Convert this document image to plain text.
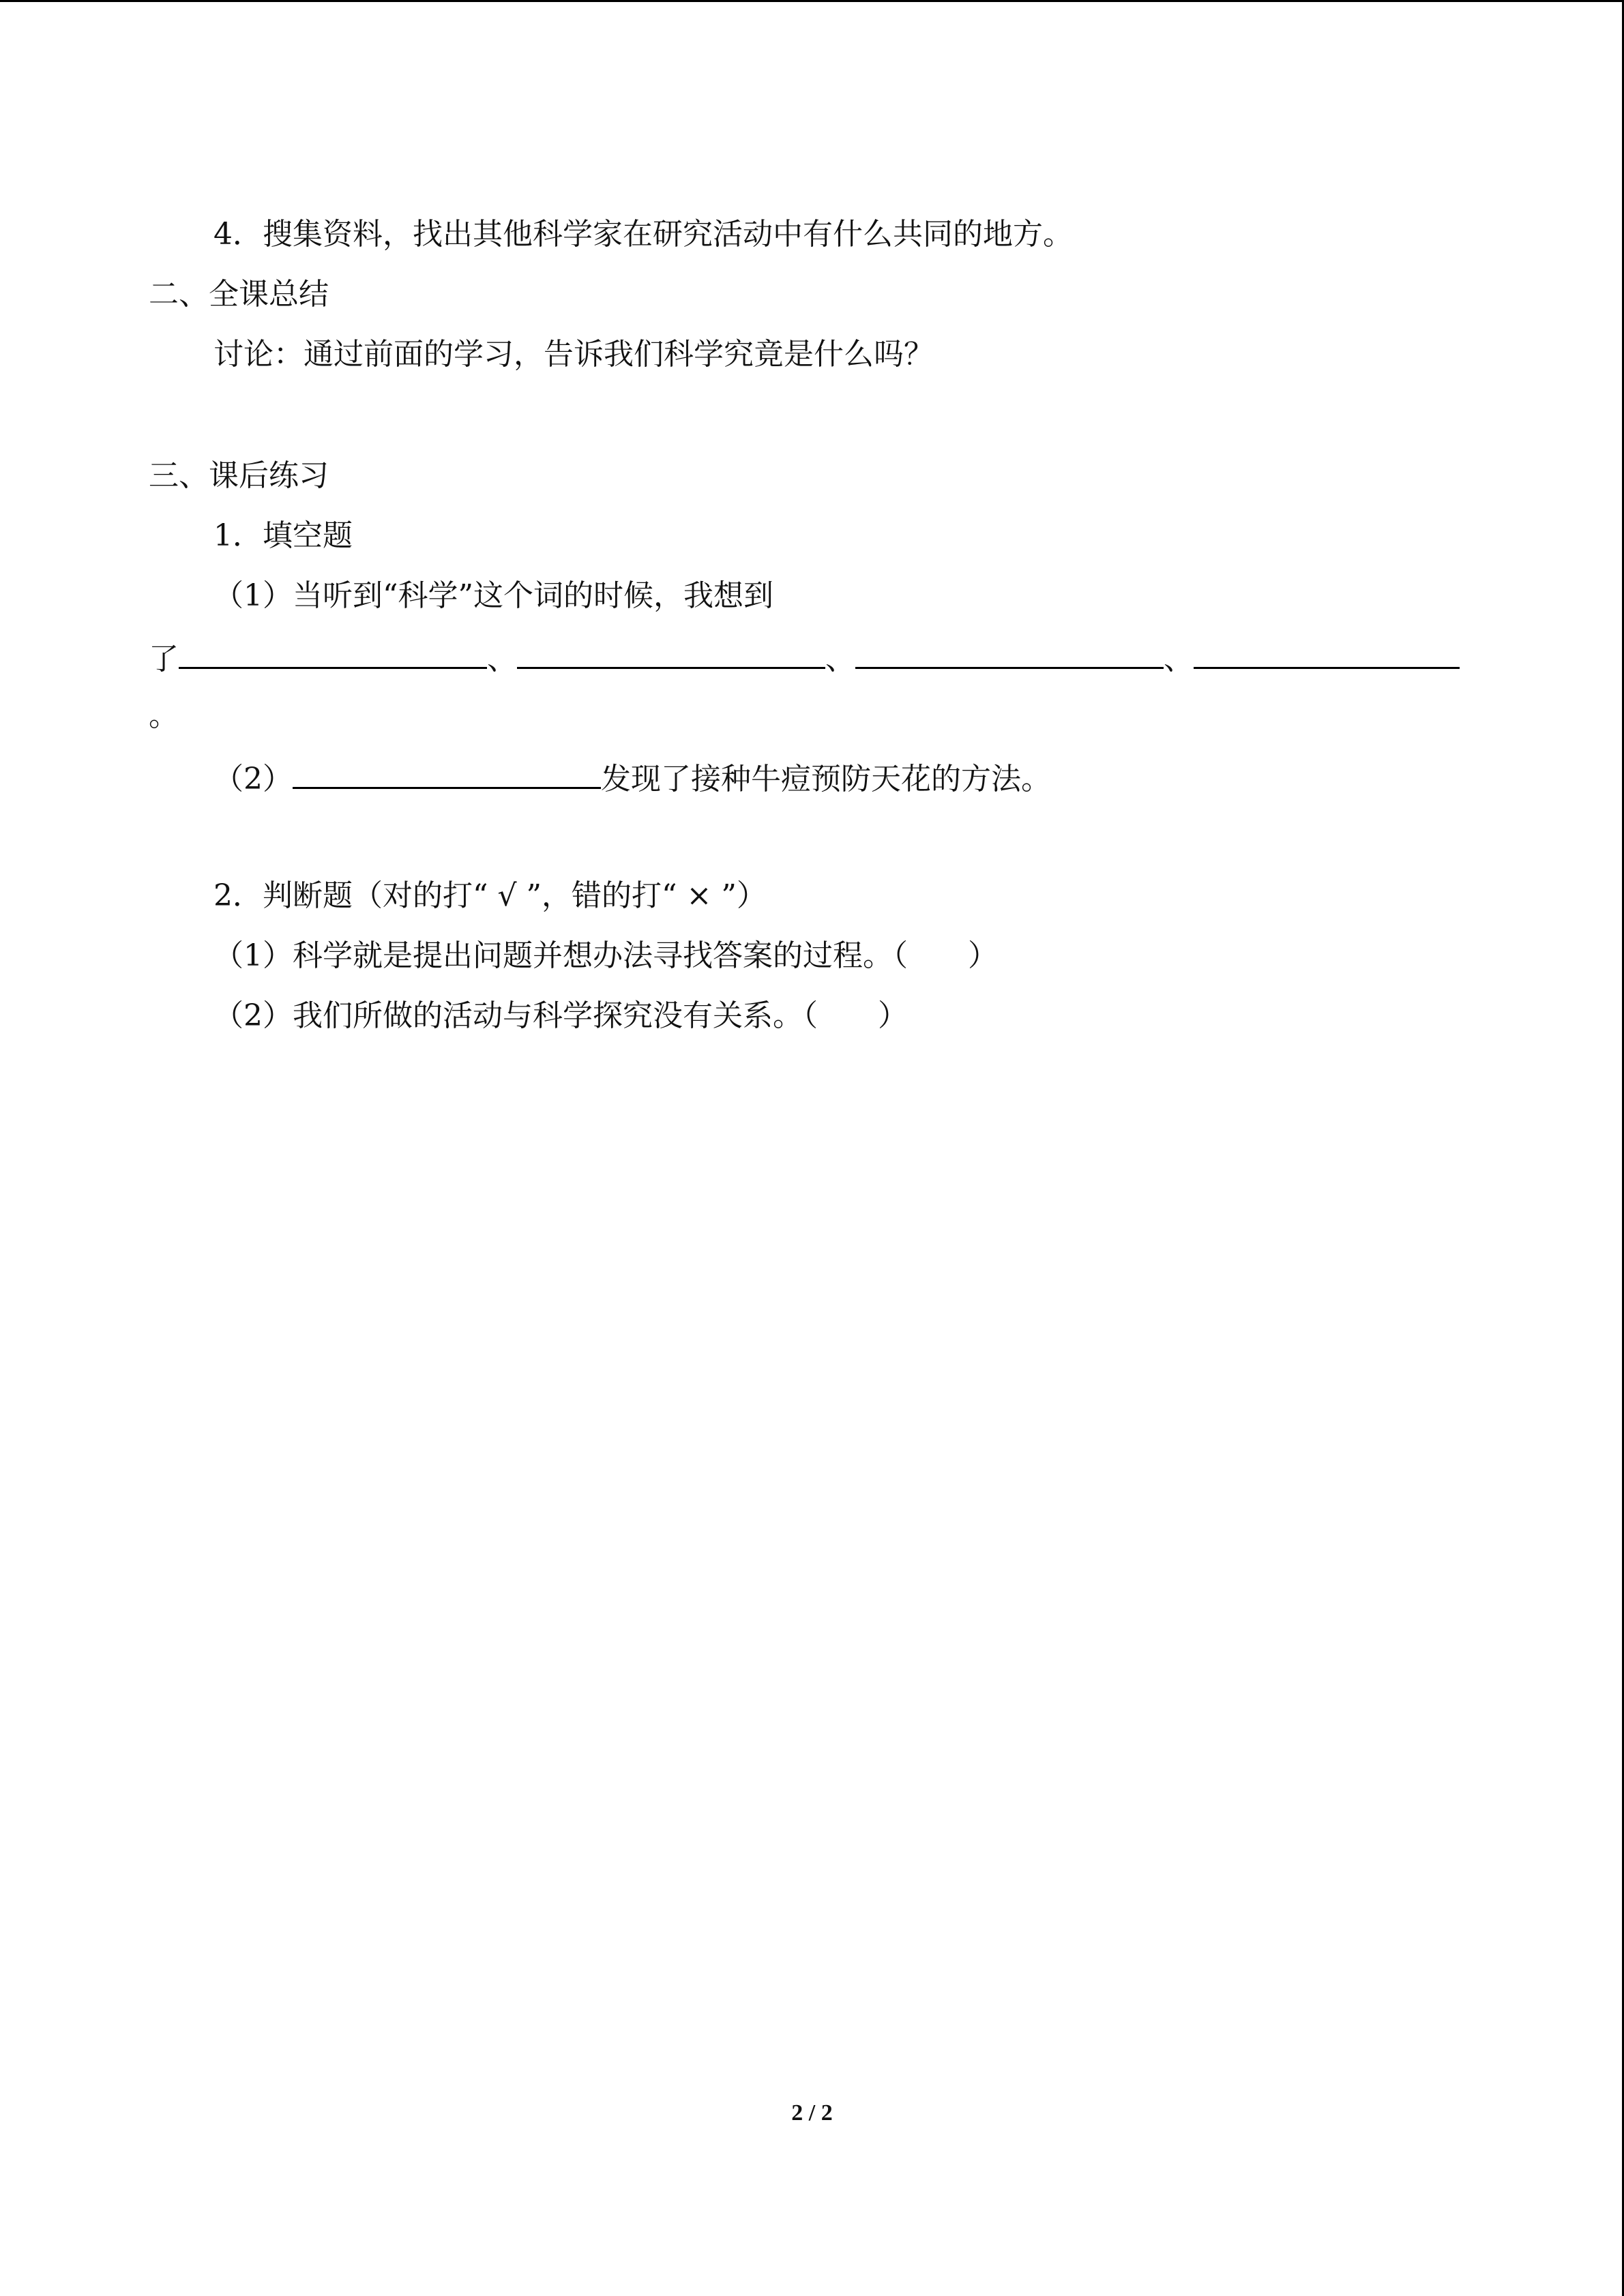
4．搜集资料，找出其他科学家在研究活动中有什么共同的地方。
二、全课总结
讨论：通过前面的学习，告诉我们科学究竟是什么吗？
三、课后练习
1．填空题
（1）当听到“科学”这个词的时候，我想到
了	、	、	、
。
（2）	发现了接种牛痘预防天花的方法。
2．判断题（对的打“ √ ”，错的打“ × ”）
（1）科学就是提出问题并想办法寻找答案的过程。（　　）
（2）我们所做的活动与科学探究没有关系。（　　）
2 / 2
